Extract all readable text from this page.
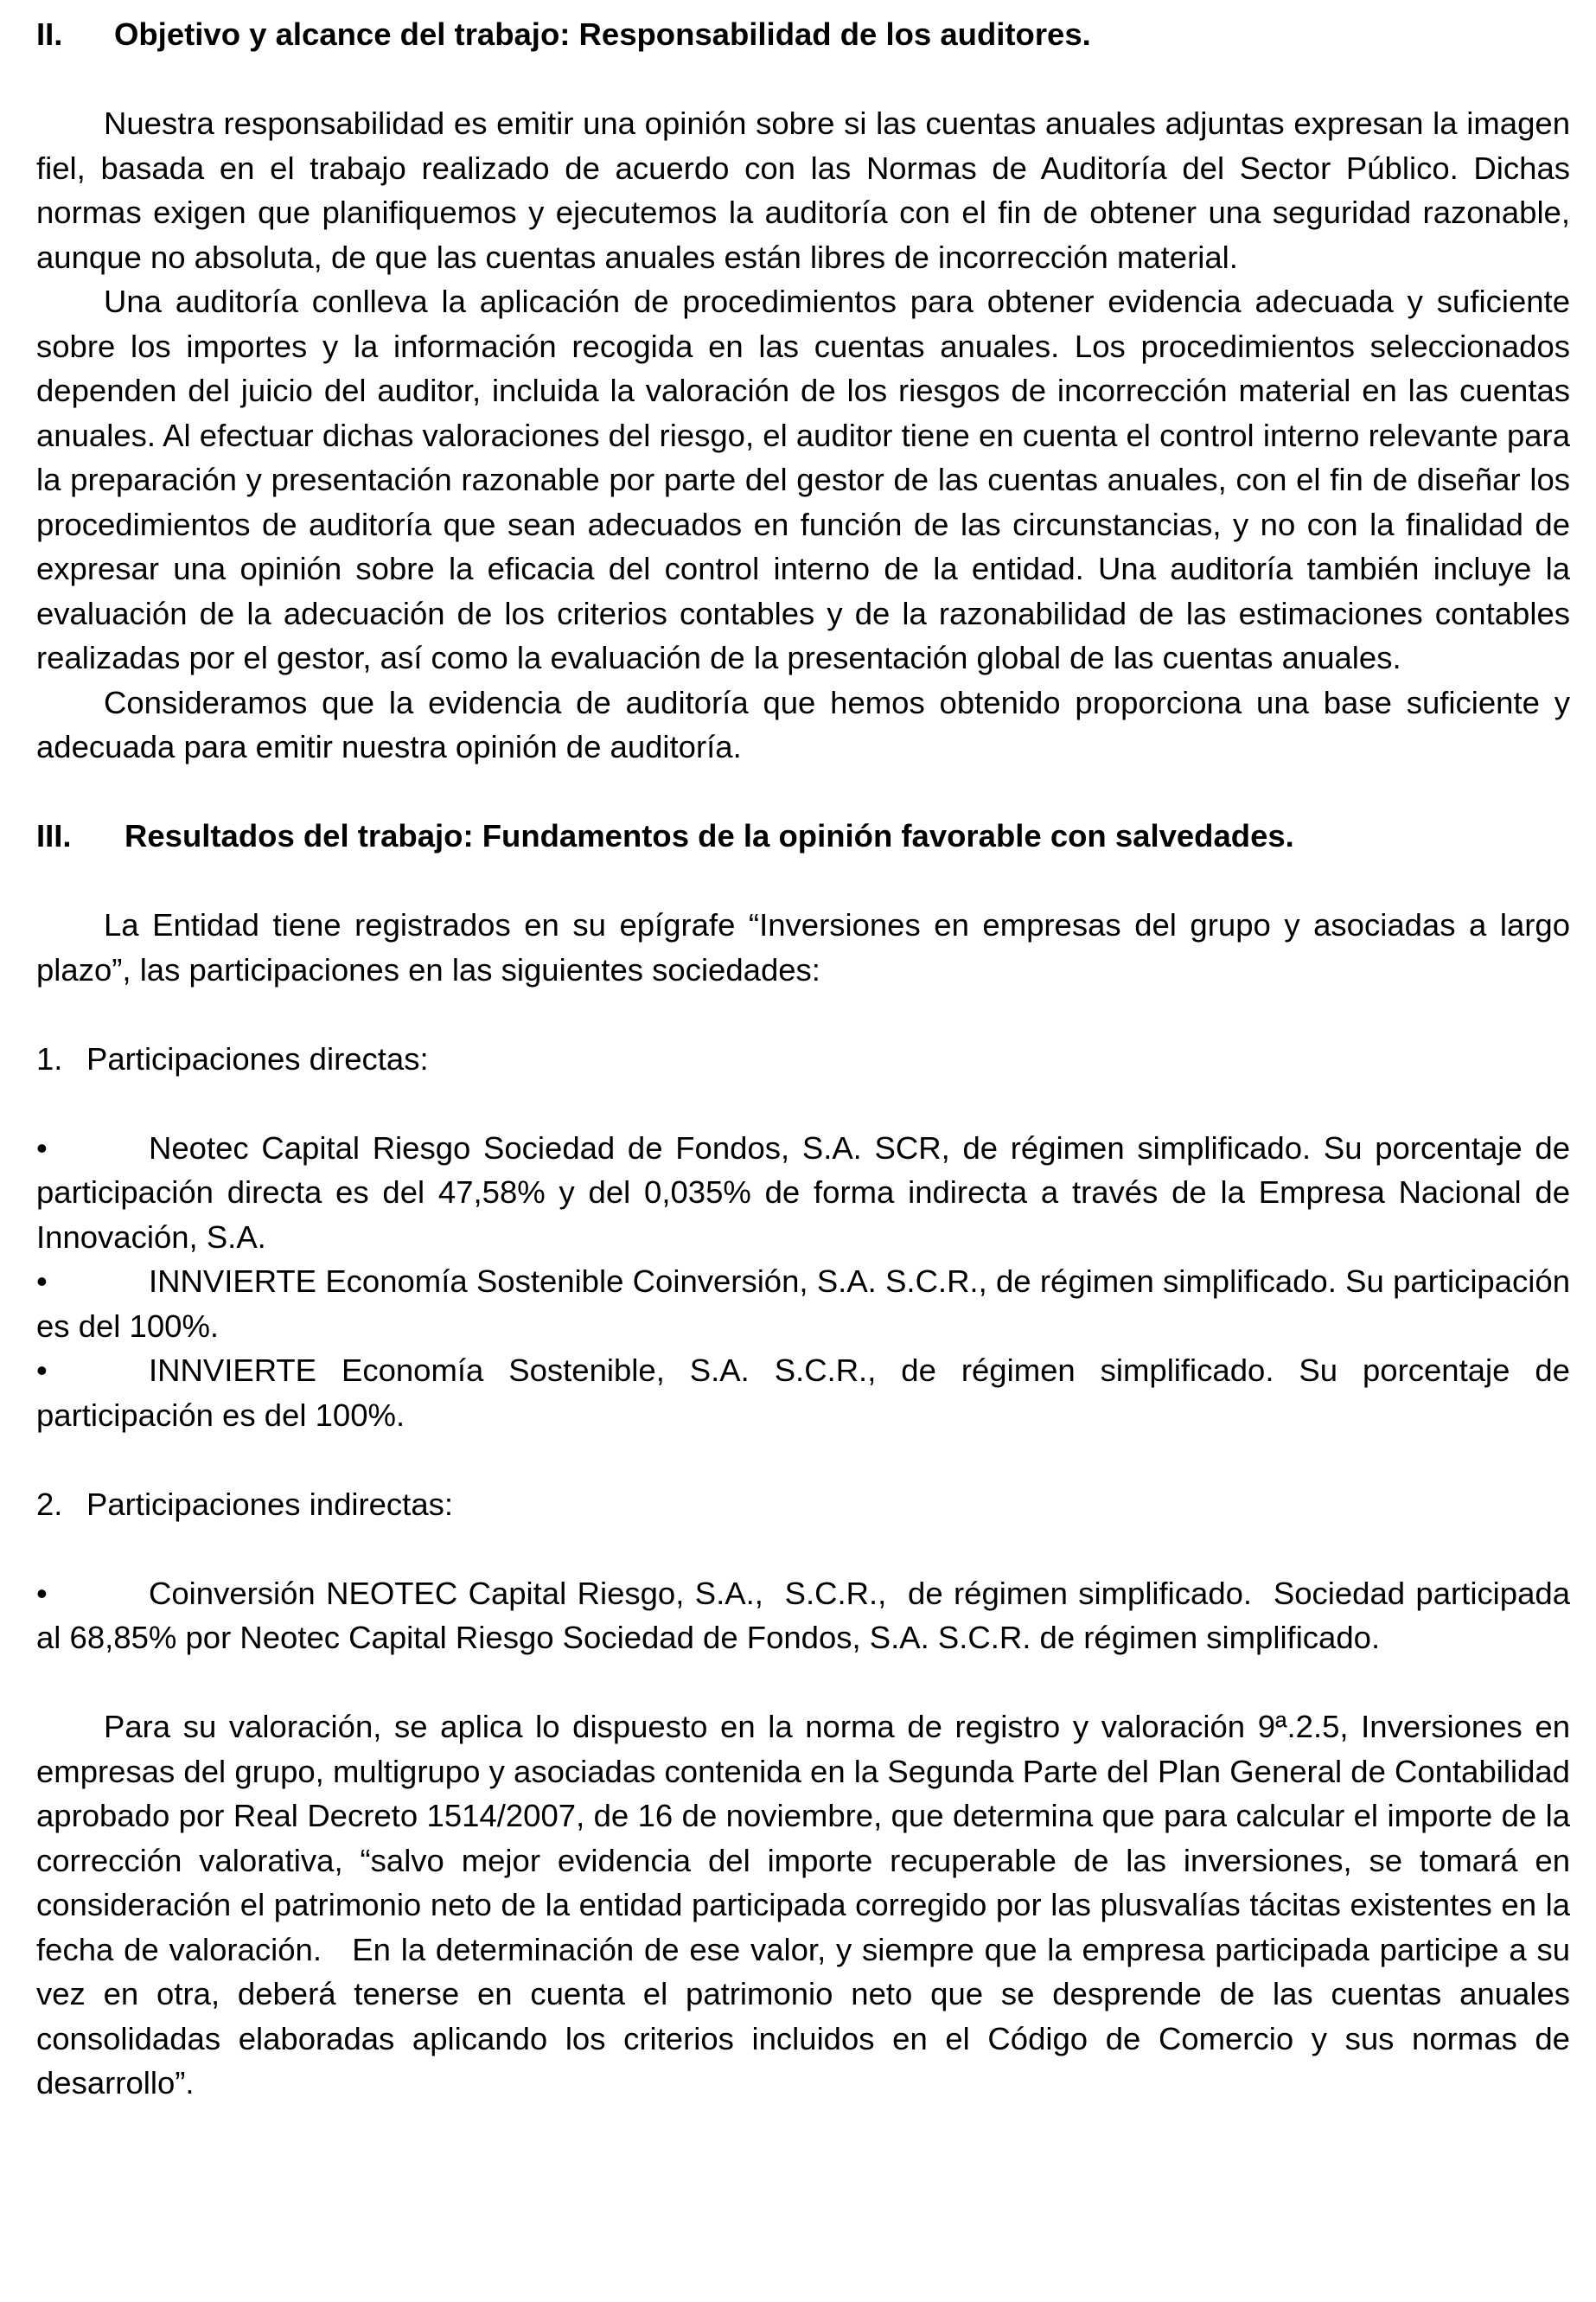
II.	Objetivo y alcance del trabajo: Responsabilidad de los auditores.

Nuestra responsabilidad es emitir una opinión sobre si las cuentas anuales adjuntas expresan la imagen fiel, basada en el trabajo realizado de acuerdo con las Normas de Auditoría del Sector Público. Dichas normas exigen que planifiquemos y ejecutemos la auditoría con el fin de obtener una seguridad razonable, aunque no absoluta, de que las cuentas anuales están libres de incorrección material.

Una auditoría conlleva la aplicación de procedimientos para obtener evidencia adecuada y suficiente sobre los importes y la información recogida en las cuentas anuales. Los procedimientos seleccionados dependen del juicio del auditor, incluida la valoración de los riesgos de incorrección material en las cuentas anuales. Al efectuar dichas valoraciones del riesgo, el auditor tiene en cuenta el control interno relevante para la preparación y presentación razonable por parte del gestor de las cuentas anuales, con el fin de diseñar los procedimientos de auditoría que sean adecuados en función de las circunstancias, y no con la finalidad de expresar una opinión sobre la eficacia del control interno de la entidad. Una auditoría también incluye la evaluación de la adecuación de los criterios contables y de la razonabilidad de las estimaciones contables realizadas por el gestor, así como la evaluación de la presentación global de las cuentas anuales.

Consideramos que la evidencia de auditoría que hemos obtenido proporciona una base suficiente y adecuada para emitir nuestra opinión de auditoría.

III.	Resultados del trabajo: Fundamentos de la opinión favorable con salvedades.

La Entidad tiene registrados en su epígrafe “Inversiones en empresas del grupo y asociadas a largo plazo”, las participaciones en las siguientes sociedades:

1. Participaciones directas:

•	Neotec Capital Riesgo Sociedad de Fondos, S.A. SCR, de régimen simplificado. Su porcentaje de participación directa es del 47,58% y del 0,035% de forma indirecta a través de la Empresa Nacional de Innovación, S.A.

•	INNVIERTE Economía Sostenible Coinversión, S.A. S.C.R., de régimen simplificado. Su participación es del 100%.

•	INNVIERTE Economía Sostenible, S.A. S.C.R., de régimen simplificado. Su porcentaje de participación es del 100%.

2. Participaciones indirectas:

•	Coinversión NEOTEC Capital Riesgo, S.A.,  S.C.R.,  de régimen simplificado.  Sociedad participada al 68,85% por Neotec Capital Riesgo Sociedad de Fondos, S.A. S.C.R. de régimen simplificado.

Para su valoración, se aplica lo dispuesto en la norma de registro y valoración 9ª.2.5, Inversiones en empresas del grupo, multigrupo y asociadas contenida en la Segunda Parte del Plan General de Contabilidad aprobado por Real Decreto 1514/2007, de 16 de noviembre, que determina que para calcular el importe de la corrección valorativa, “salvo mejor evidencia del importe recuperable de las inversiones, se tomará en consideración el patrimonio neto de la entidad participada corregido por las plusvalías tácitas existentes en la fecha de valoración.   En la determinación de ese valor, y siempre que la empresa participada participe a su vez en otra, deberá tenerse en cuenta el patrimonio neto que se desprende de las cuentas anuales consolidadas elaboradas aplicando los criterios incluidos en el Código de Comercio y sus normas de desarrollo”.
